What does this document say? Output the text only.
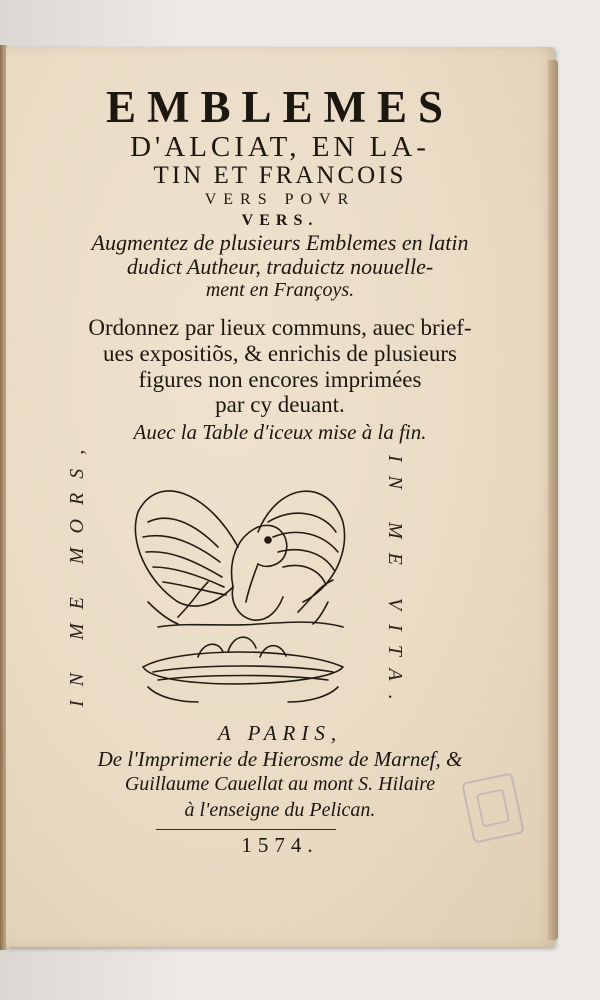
EMBLEMES
D'ALCIAT, EN LA-
TIN ET FRANCOIS
VERS POVR
VERS.
Augmentez de plusieurs Emblemes en latin
dudict Autheur, traduictz nouuelle-
ment en Françoys.
Ordonnez par lieux communs, auec brief-
ues expositiõs, & enrichis de plusieurs
figures non encores imprimées
par cy deuant.
Auec la Table d'iceux mise à la fin.
IN ME MORS,	IN ME VITA.
A PARIS,
De l'Imprimerie de Hierosme de Marnef, &
Guillaume Cauellat au mont S. Hilaire
à l'enseigne du Pelican.
1574.
